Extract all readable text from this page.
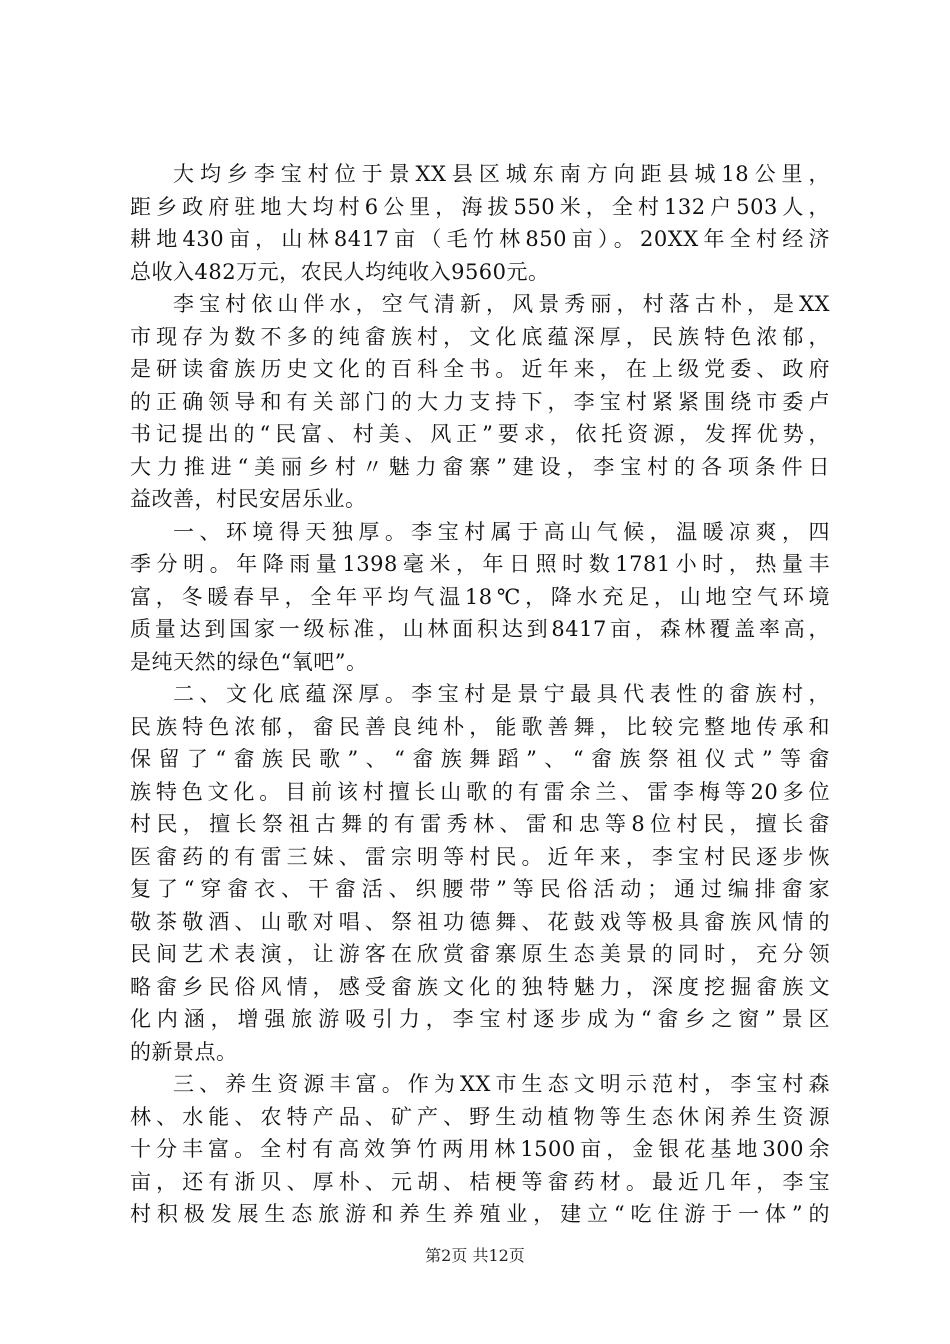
大均乡李宝村位于景XX县区城东南方向距县城18公里，
距乡政府驻地大均村6公里，海拔550米，全村132户503人，
耕地430亩，山林8417亩（毛竹林850亩）。20XX年全村经济
总收入482万元，农民人均纯收入9560元。
李宝村依山伴水，空气清新，风景秀丽，村落古朴，是XX
市现存为数不多的纯畲族村，文化底蕴深厚，民族特色浓郁，
是研读畲族历史文化的百科全书。近年来，在上级党委、政府
的正确领导和有关部门的大力支持下，李宝村紧紧围绕市委卢
书记提出的“民富、村美、风正”要求，依托资源，发挥优势，
大力推进“美丽乡村〃魅力畲寨”建设，李宝村的各项条件日
益改善，村民安居乐业。
一、环境得天独厚。李宝村属于高山气候，温暖凉爽，四
季分明。年降雨量1398毫米，年日照时数1781小时，热量丰
富，冬暖春早，全年平均气温18℃，降水充足，山地空气环境
质量达到国家一级标准，山林面积达到8417亩，森林覆盖率高，
是纯天然的绿色“氧吧”。
二、文化底蕴深厚。李宝村是景宁最具代表性的畲族村，
民族特色浓郁，畲民善良纯朴，能歌善舞，比较完整地传承和
保留了“畲族民歌”、“畲族舞蹈”、“畲族祭祖仪式”等畲
族特色文化。目前该村擅长山歌的有雷余兰、雷李梅等20多位
村民，擅长祭祖古舞的有雷秀林、雷和忠等8位村民，擅长畲
医畲药的有雷三妹、雷宗明等村民。近年来，李宝村民逐步恢
复了“穿畲衣、干畲活、织腰带”等民俗活动；通过编排畲家
敬茶敬酒、山歌对唱、祭祖功德舞、花鼓戏等极具畲族风情的
民间艺术表演，让游客在欣赏畲寨原生态美景的同时，充分领
略畲乡民俗风情，感受畲族文化的独特魅力，深度挖掘畲族文
化内涵，增强旅游吸引力，李宝村逐步成为“畲乡之窗”景区
的新景点。
三、养生资源丰富。作为XX市生态文明示范村，李宝村森
林、水能、农特产品、矿产、野生动植物等生态休闲养生资源
十分丰富。全村有高效笋竹两用林1500亩，金银花基地300余
亩，还有浙贝、厚朴、元胡、桔梗等畲药材。最近几年，李宝
村积极发展生态旅游和养生养殖业，建立“吃住游于一体”的
第2页 共12页
